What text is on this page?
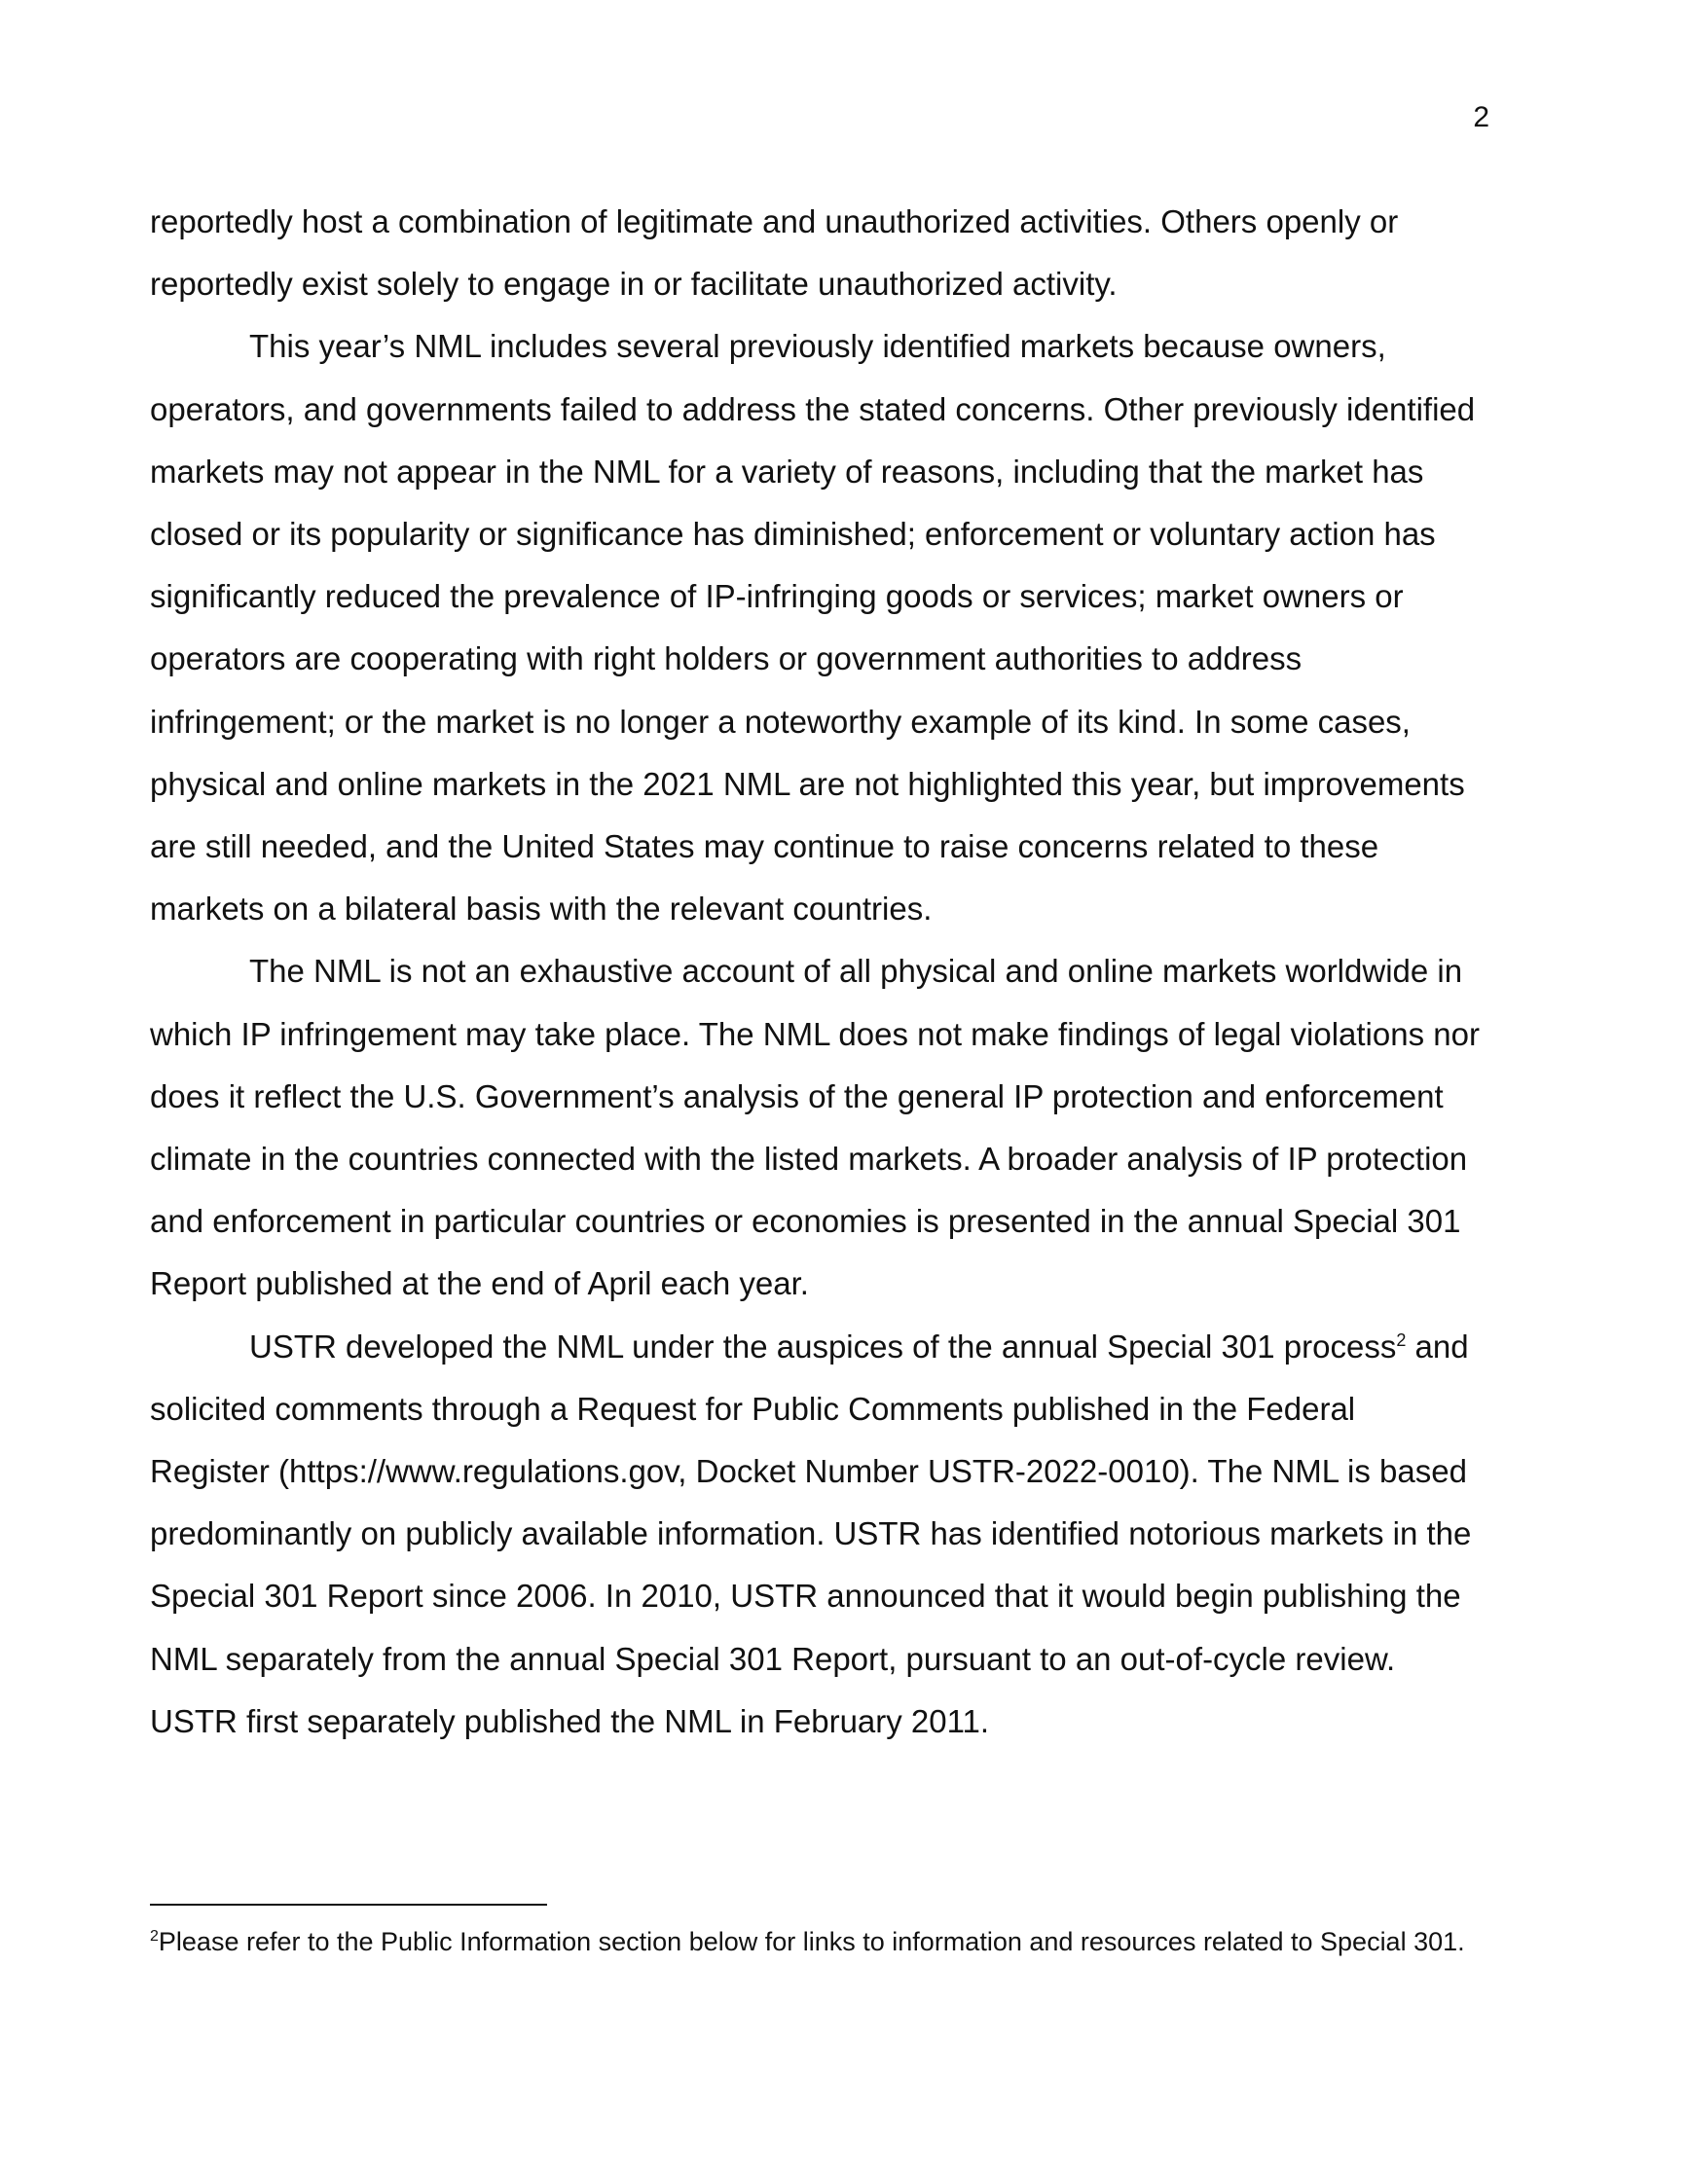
2

reportedly host a combination of legitimate and unauthorized activities. Others openly or reportedly exist solely to engage in or facilitate unauthorized activity.

This year’s NML includes several previously identified markets because owners, operators, and governments failed to address the stated concerns. Other previously identified markets may not appear in the NML for a variety of reasons, including that the market has closed or its popularity or significance has diminished; enforcement or voluntary action has significantly reduced the prevalence of IP-infringing goods or services; market owners or operators are cooperating with right holders or government authorities to address infringement; or the market is no longer a noteworthy example of its kind. In some cases, physical and online markets in the 2021 NML are not highlighted this year, but improvements are still needed, and the United States may continue to raise concerns related to these markets on a bilateral basis with the relevant countries.

The NML is not an exhaustive account of all physical and online markets worldwide in which IP infringement may take place. The NML does not make findings of legal violations nor does it reflect the U.S. Government’s analysis of the general IP protection and enforcement climate in the countries connected with the listed markets. A broader analysis of IP protection and enforcement in particular countries or economies is presented in the annual Special 301 Report published at the end of April each year.

USTR developed the NML under the auspices of the annual Special 301 process$^2$ and solicited comments through a Request for Public Comments published in the Federal Register (https://www.regulations.gov, Docket Number USTR-2022-0010). The NML is based predominantly on publicly available information. USTR has identified notorious markets in the Special 301 Report since 2006. In 2010, USTR announced that it would begin publishing the NML separately from the annual Special 301 Report, pursuant to an out-of-cycle review. USTR first separately published the NML in February 2011.

$^2$Please refer to the Public Information section below for links to information and resources related to Special 301.
